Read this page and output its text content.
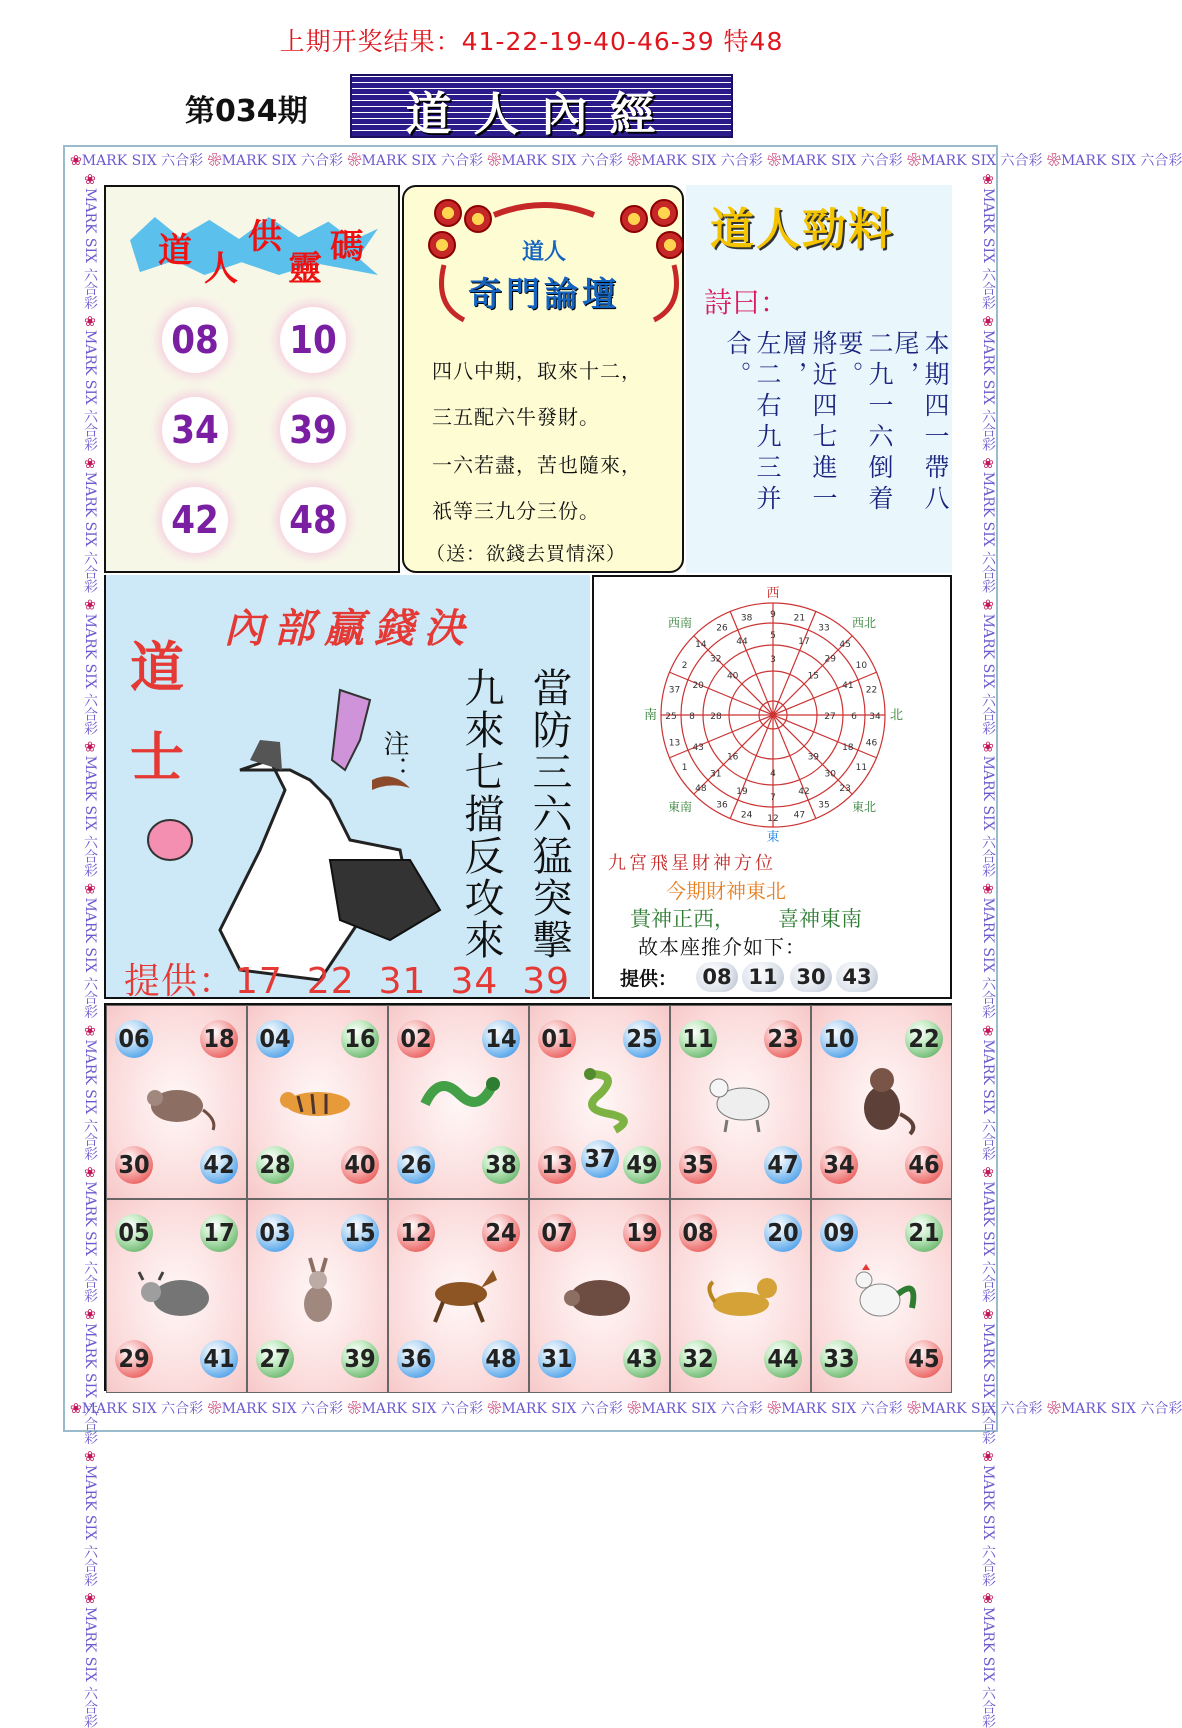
上期开奖结果：41-22-19-40-46-39 特48
第034期	道人內經
❀MARK SIX 六合彩 ❀MARK SIX 六合彩 ❀MARK SIX 六合彩 ❀MARK SIX 六合彩 ❀MARK SIX 六合彩 ❀MARK SIX 六合彩 ❀MARK SIX 六合彩 ❀MARK SIX 六合彩
❀MARK SIX 六合彩 ❀MARK SIX 六合彩 ❀MARK SIX 六合彩 ❀MARK SIX 六合彩 ❀MARK SIX 六合彩 ❀MARK SIX 六合彩 ❀MARK SIX 六合彩 ❀MARK SIX 六合彩
❀MARK SIX 六合彩 ❀MARK SIX 六合彩 ❀MARK SIX 六合彩 ❀MARK SIX 六合彩 ❀MARK SIX 六合彩 ❀MARK SIX 六合彩 ❀MARK SIX 六合彩 ❀MARK SIX 六合彩 ❀MARK SIX 六合彩 ❀MARK SIX 六合彩 ❀MARK SIX 六合彩
❀MARK SIX 六合彩 ❀MARK SIX 六合彩 ❀MARK SIX 六合彩 ❀MARK SIX 六合彩 ❀MARK SIX 六合彩 ❀MARK SIX 六合彩 ❀MARK SIX 六合彩 ❀MARK SIX 六合彩 ❀MARK SIX 六合彩 ❀MARK SIX 六合彩 ❀MARK SIX 六合彩
道 人
供
靈
碼
08 10
34 39
42 48
道人
奇門論壇
四八中期，取來十二，
三五配六牛發財。
一六若盡，苦也隨來，
祇等三九分三份。
（送：欲錢去買情深）
道人勁料
詩曰：
本期四一帶八尾，
二九一六倒着要。
將近四七進一層，
左二右九三并合。
內部贏錢決
道
士	注：	當防三六猛突擊
九來七擋反攻來
提供：17 22 31 34 39
西
東
南	北
西南	西北
東南	東北
9 21
33
45
10
22
34
46
11
23
35
47
12
24
36
48
1
13
25
37
2
14
26
38
5
17
29
41
6
18
30
42
7
19
31
43
8
20
32
44
3
15
27
39
4
16
28
40
九宮飛星財神方位
今期財神東北
貴神正西， 喜神東南
故本座推介如下：
提供：	08 11 30 43
06 18
30 42
04 16
28 40
02 14
26 38
01 25
13 37 49
11 23
35 47
10 22
34 46
05 17
29 41
03 15
27 39
12 24
36 48
07 19
31 43
08 20
32 44
09 21
33 45
